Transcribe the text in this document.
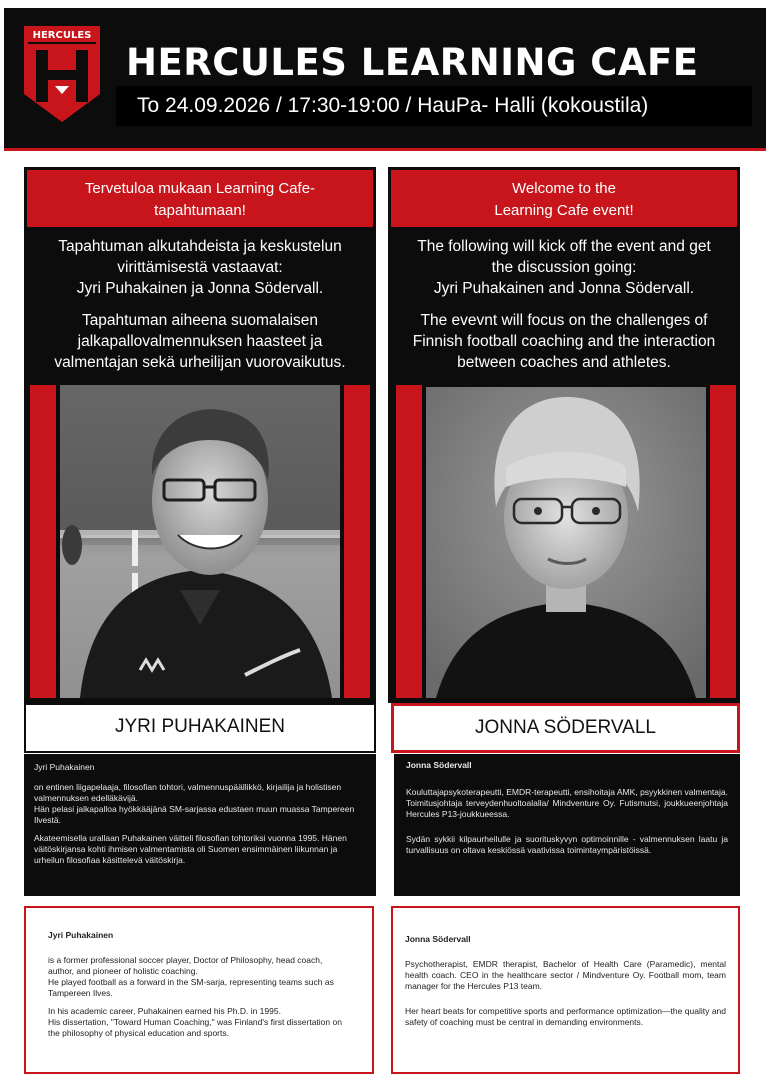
HERCULES
HERCULES LEARNING CAFE
To 24.09.2026 / 17:30-19:00 / HauPa- Halli (kokoustila)
Tervetuloa mukaan Learning Cafe-
tapahtumaan!

Tapahtuman alkutahdeista ja keskustelun

virittämisestä vastaavat:

Jyri Puhakainen ja Jonna Södervall.

Tapahtuman aiheena suomalaisen

jalkapallovalmennuksen haasteet ja

valmentajan sekä urheilijan vuorovaikutus.

JYRI PUHAKAINEN

Jyri Puhakainen

on entinen liigapelaaja, filosofian tohtori, valmennuspäällikkö, kirjailija ja holistisen valmennuksen edelläkävijä.

Hän pelasi jalkapalloa hyökkääjänä SM-sarjassa edustaen muun muassa Tampereen Ilvestä.

Akateemisella urallaan Puhakainen väitteli filosofian tohtoriksi vuonna 1995. Hänen väitöskirjansa kohti ihmisen valmentamista oli Suomen ensimmäinen liikunnan ja urheilun filosofiaa käsittelevä väitöskirja.

Jyri Puhakainen

is a former professional soccer player, Doctor of Philosophy, head coach, author, and pioneer of holistic coaching.

He played football as a forward in the SM-sarja, representing teams such as Tampereen Ilves.

In his academic career, Puhakainen earned his Ph.D. in 1995.

His dissertation, "Toward Human Coaching," was Finland's first dissertation on the philosophy of physical education and sports.

Welcome to the
Learning Cafe event!

The following will kick off the event and get

the discussion going:

Jyri Puhakainen and Jonna Södervall.

The evevnt will focus on the challenges of

Finnish football coaching and the interaction

between coaches and athletes.

JONNA SÖDERVALL

Jonna Södervall

Kouluttajapsykoterapeutti, EMDR-terapeutti, ensihoitaja AMK, psyykkinen valmentaja. Toimitusjohtaja terveydenhuoltoalalla/ Mindventure Oy. Futismutsi, joukkueenjohtaja Hercules P13-joukkueessa.

Sydän sykkii kilpaurheilulle ja suorituskyvyn optimoinnille - valmennuksen laatu ja turvallisuus on oltava keskiössä vaativissa toimintaympäristöissä.

Jonna Södervall

Psychotherapist, EMDR therapist, Bachelor of Health Care (Paramedic), mental health coach. CEO in the healthcare sector / Mindventure Oy. Football mom, team manager for the Hercules P13 team.

Her heart beats for competitive sports and performance optimization—the quality and safety of coaching must be central in demanding environments.
